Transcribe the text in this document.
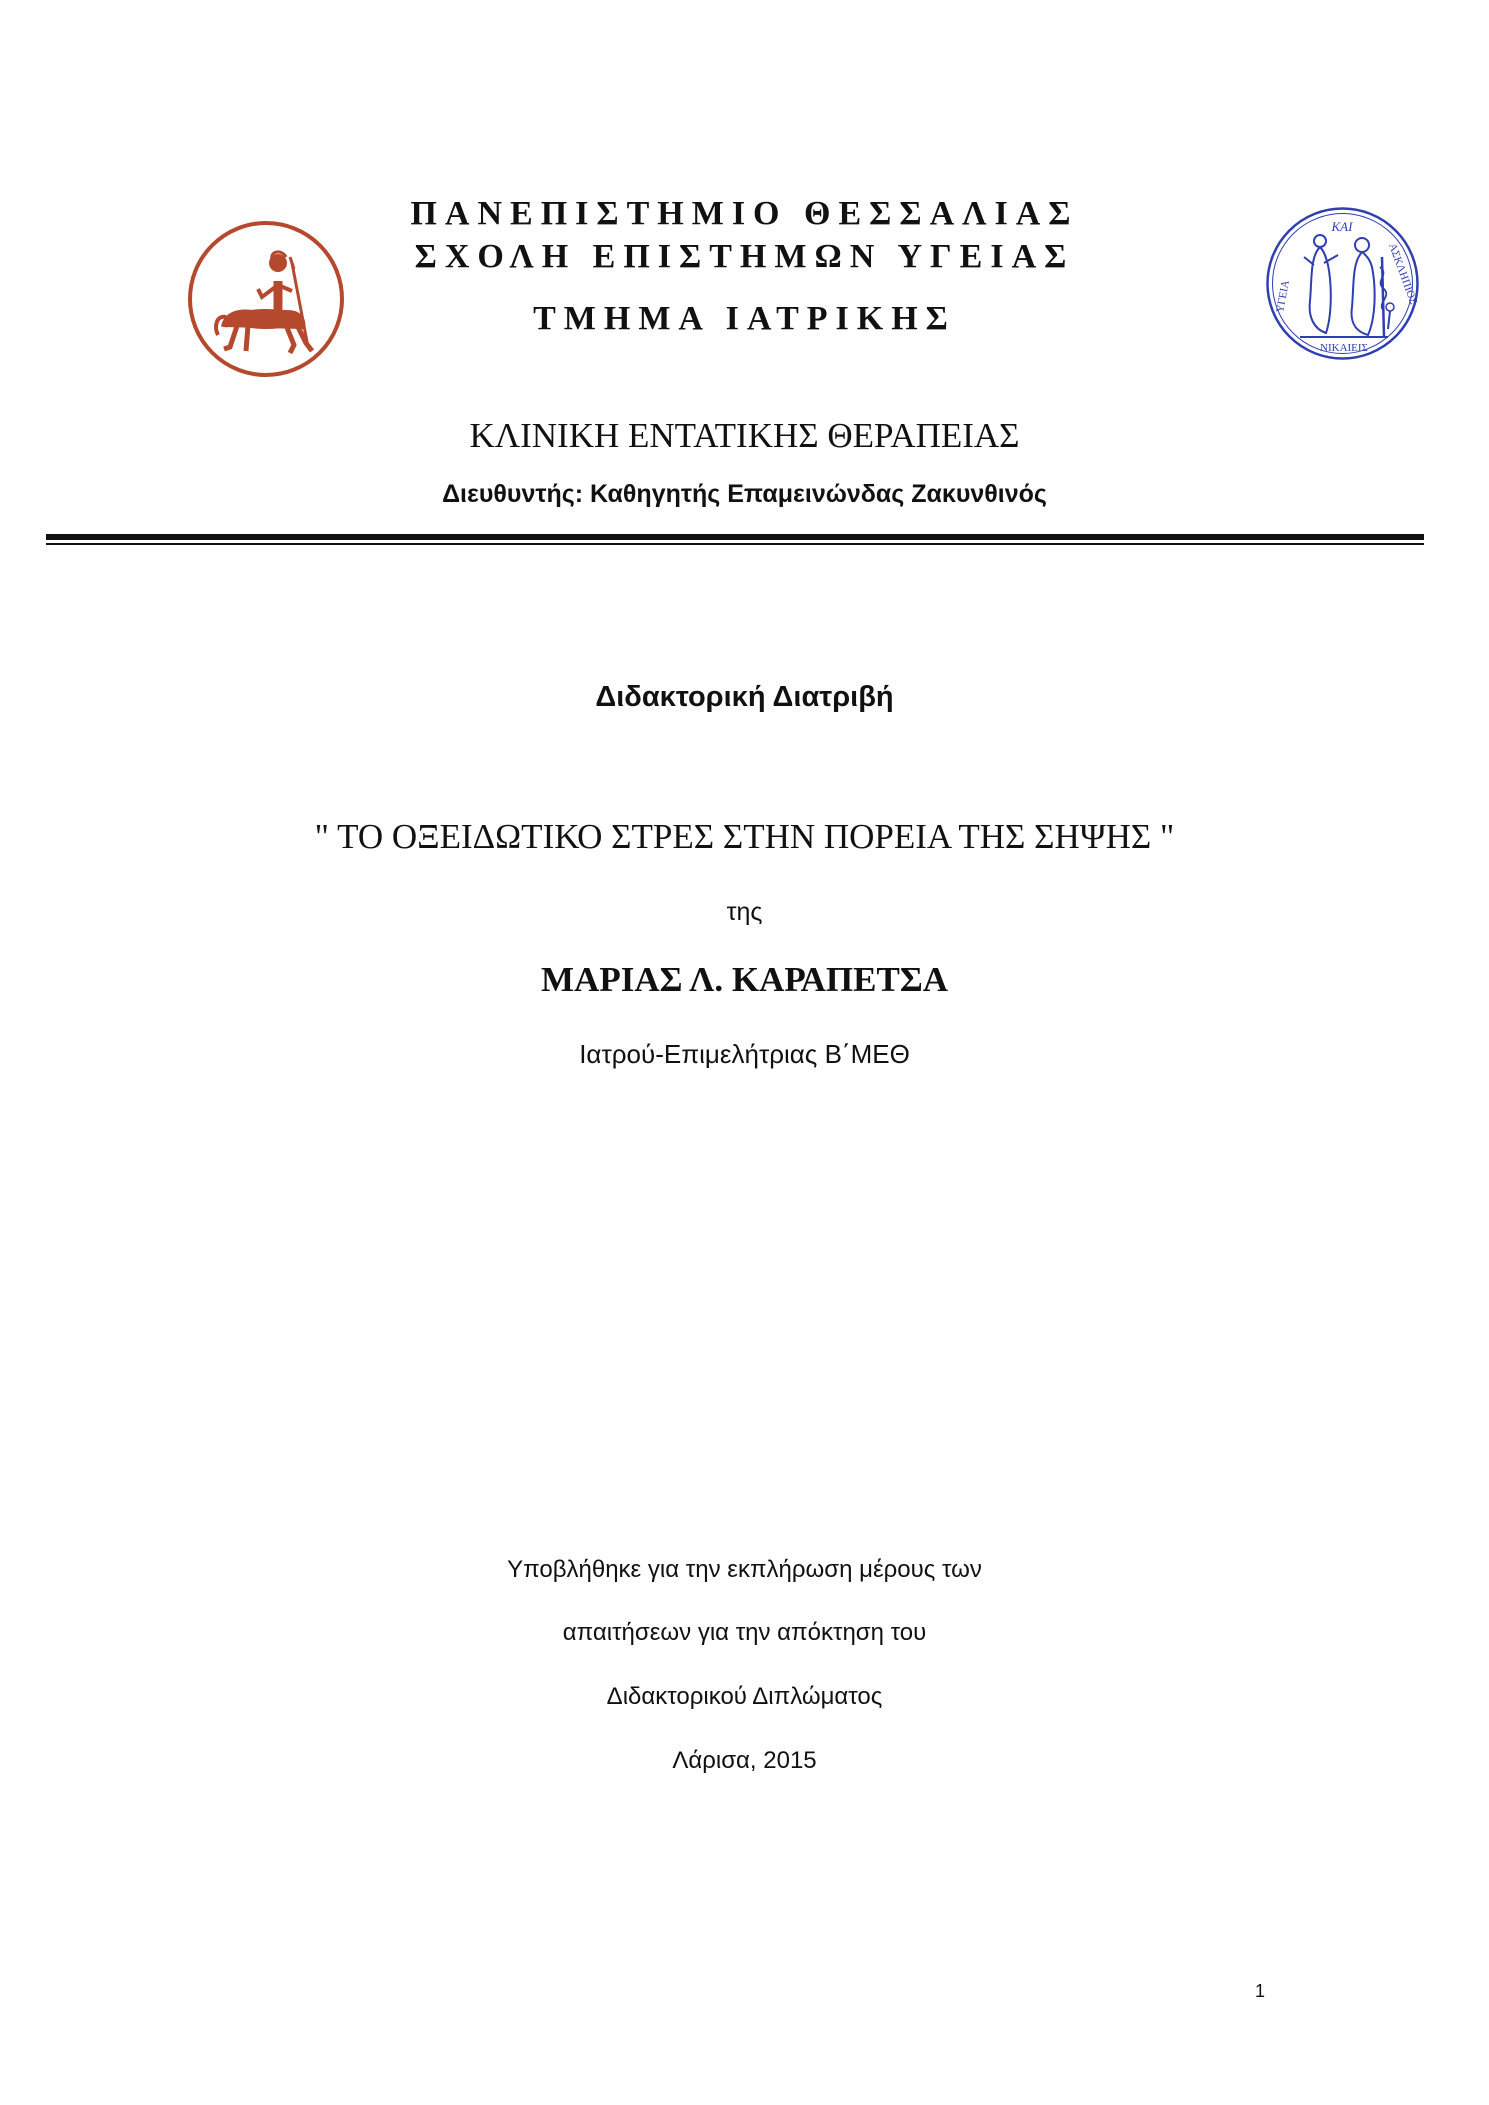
ΚΑΙ
ΥΓΕΙΑ	ΑΣΚΛΗΠΙΟΣ
ΝΙΚΑΙΕΙΣ
ΠΑΝΕΠΙΣΤΗΜΙΟ ΘΕΣΣΑΛΙΑΣ
ΣΧΟΛΗ ΕΠΙΣΤΗΜΩΝ ΥΓΕΙΑΣ
ΤΜΗΜΑ ΙΑΤΡΙΚΗΣ
ΚΛΙΝΙΚΗ ΕΝΤΑΤΙΚΗΣ ΘΕΡΑΠΕΙΑΣ
Διευθυντής: Καθηγητής Επαμεινώνδας Ζακυνθινός
Διδακτορική Διατριβή
" ΤΟ ΟΞΕΙΔΩΤΙΚΟ ΣΤΡΕΣ ΣΤΗΝ ΠΟΡΕΙΑ ΤΗΣ ΣΗΨΗΣ "
της
ΜΑΡΙΑΣ Λ. ΚΑΡΑΠΕΤΣΑ
Ιατρού-Επιμελήτριας Β΄ΜΕΘ
Υποβλήθηκε για την εκπλήρωση μέρους των
απαιτήσεων για την απόκτηση του
Διδακτορικού Διπλώματος
Λάρισα, 2015
1
